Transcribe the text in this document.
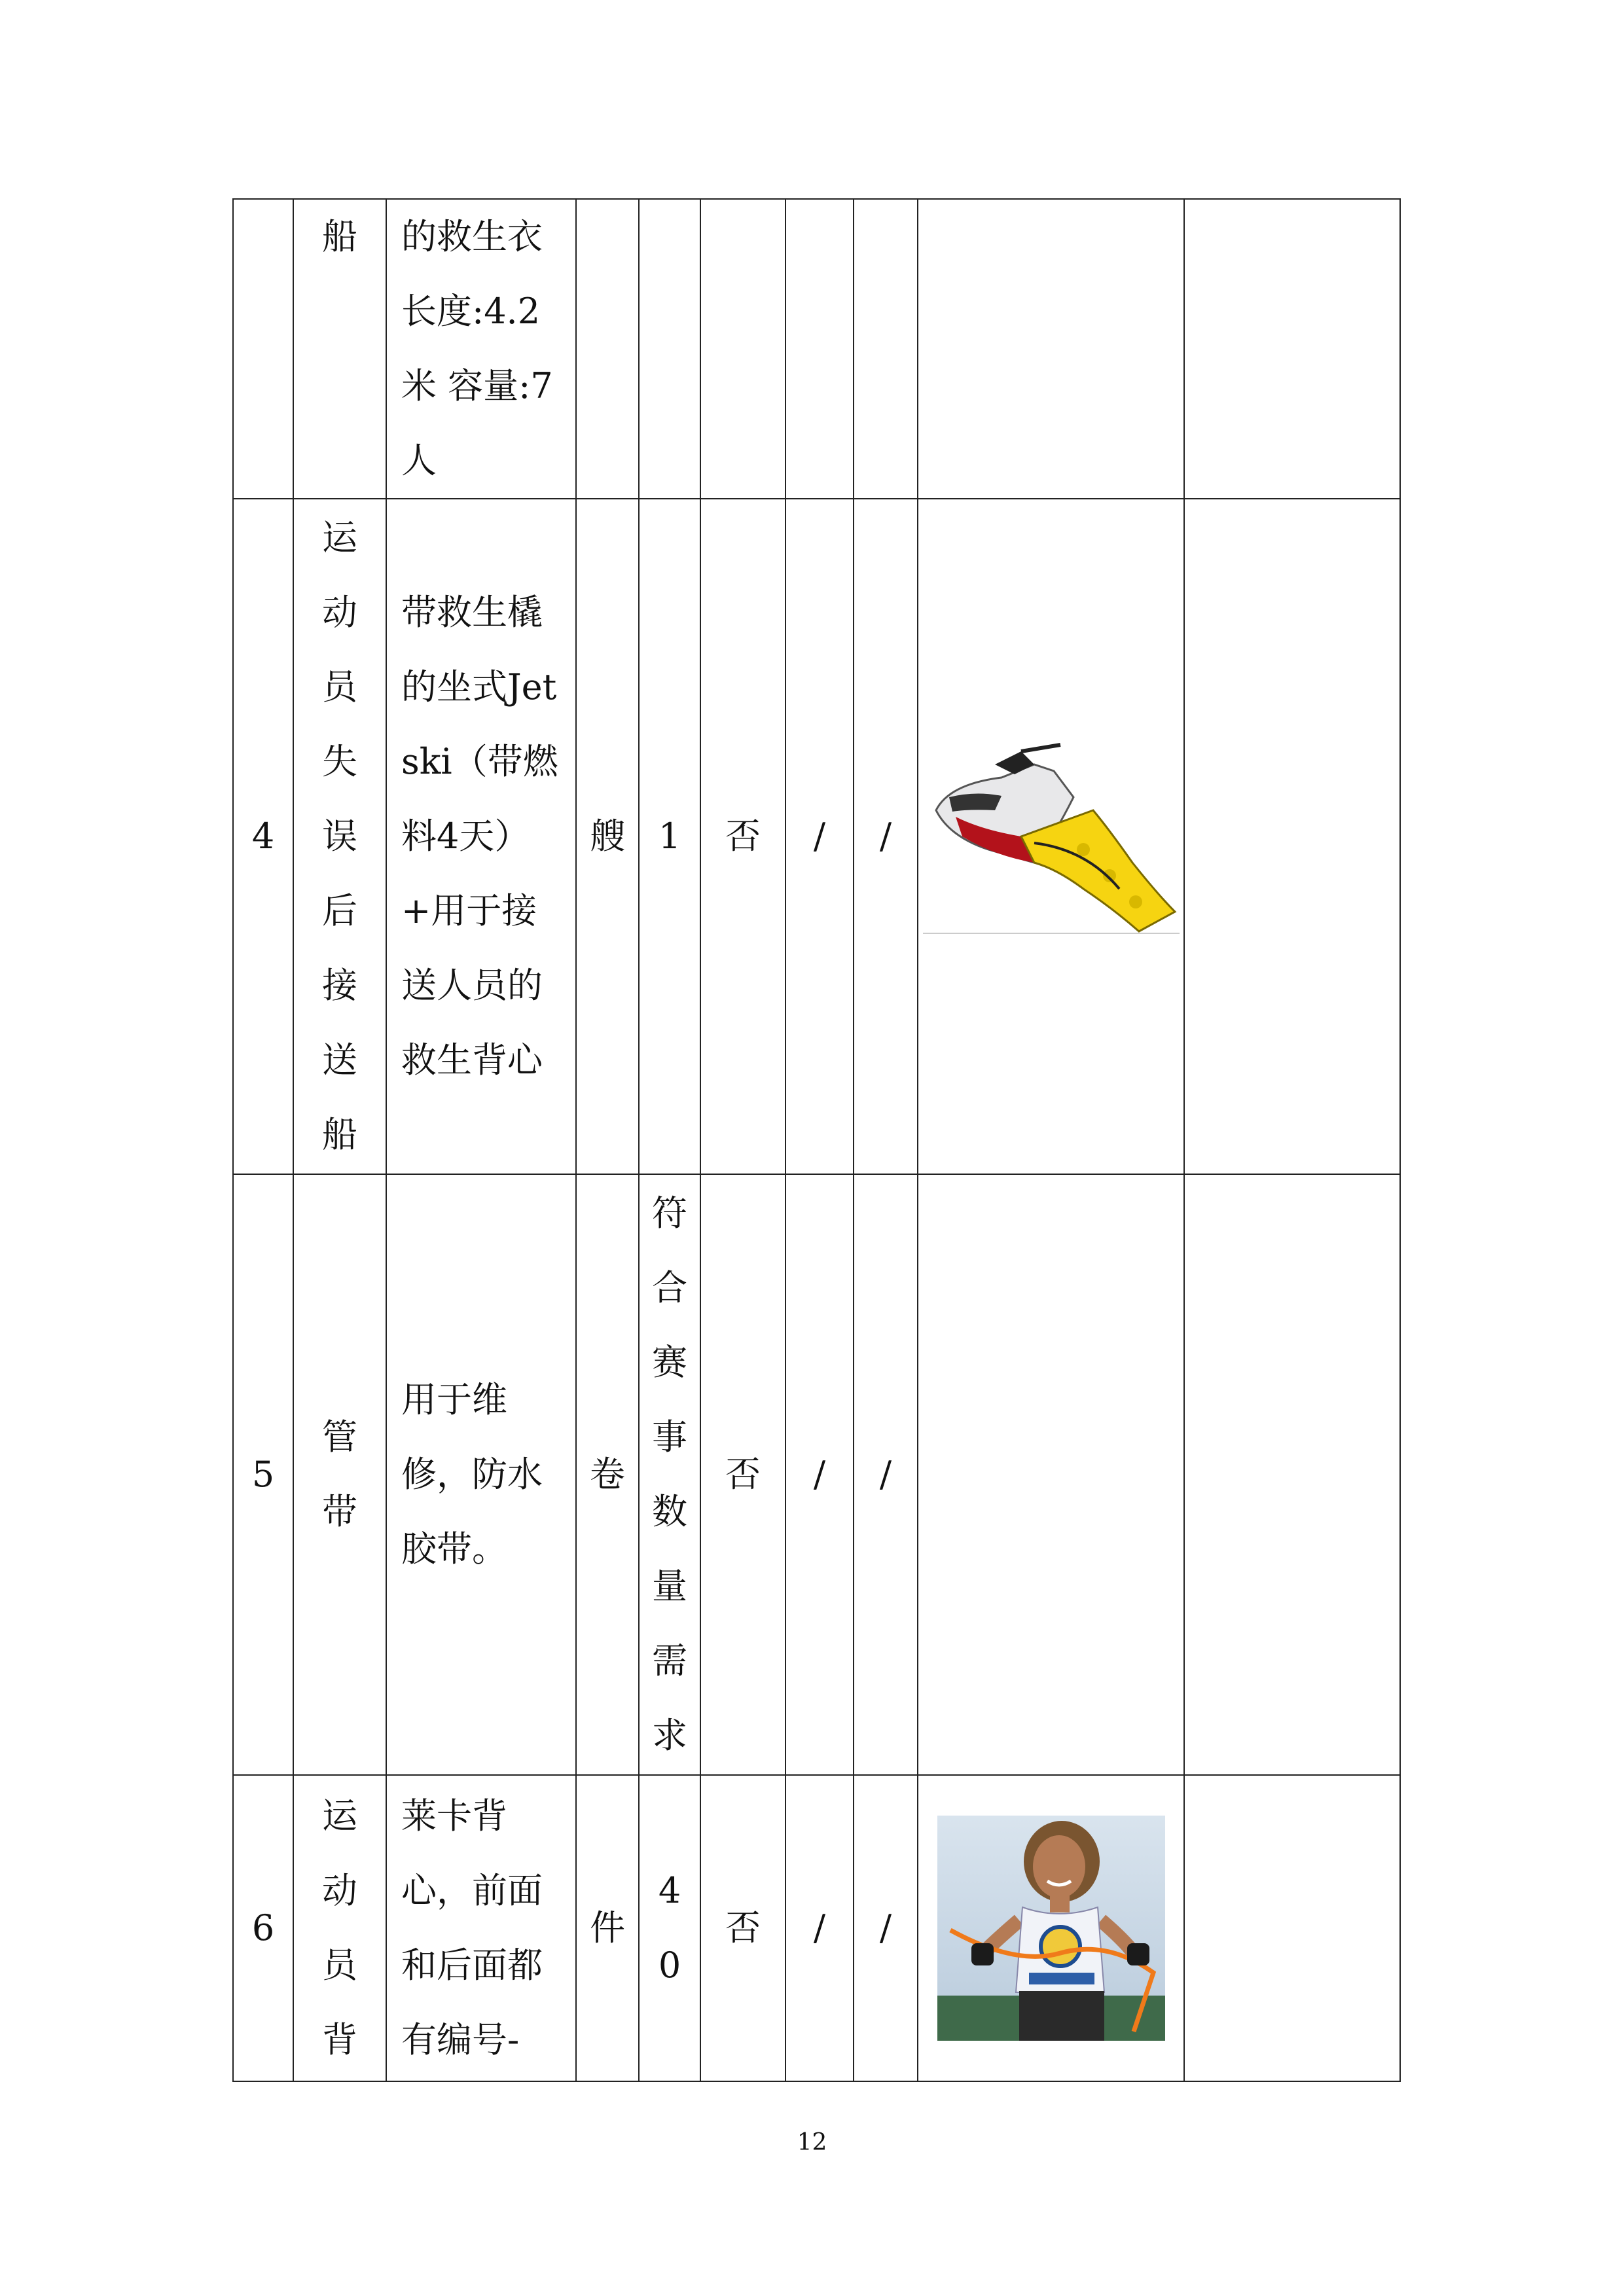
	船	的救生衣长度:4.2米 容量:7人							

4	运动员失误后接送船	带救生橇的坐式Jetski（带燃料4天）+用于接送人员的救生背心	艘	1	否	/	/

5	管带	用于维修，防水胶带。	卷	符合赛事数量需求	否	/	/		

6	运动员背	莱卡背心，前面和后面都有编号-	件	40	否	/	/

12
